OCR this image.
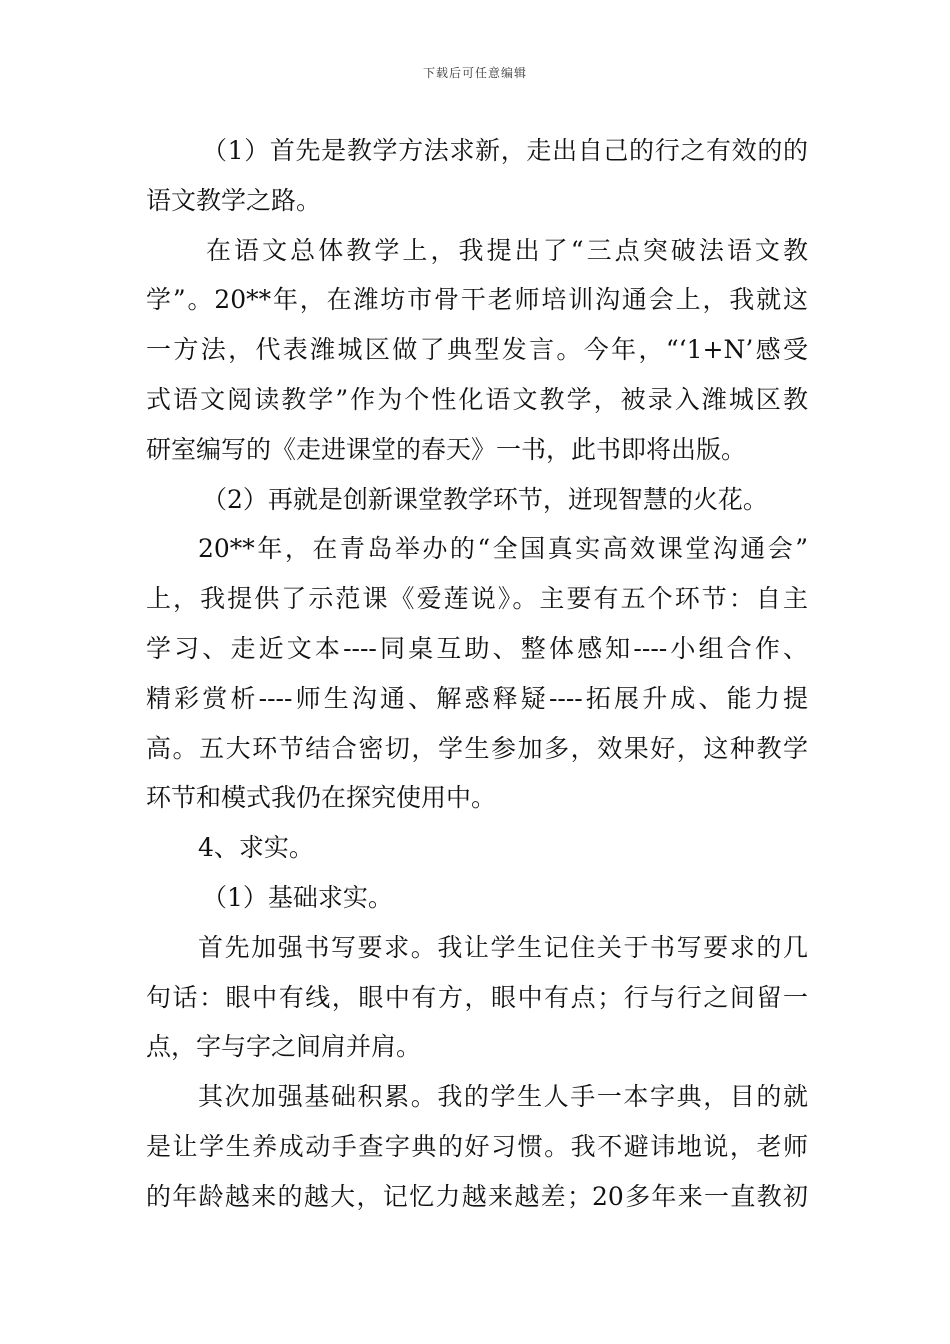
下载后可任意编辑
（1）首先是教学方法求新，走出自己的行之有效的的
语文教学之路。
在语文总体教学上，我提出了“三点突破法语文教
学”。20**年，在潍坊市骨干老师培训沟通会上，我就这
一方法，代表潍城区做了典型发言。今年，“‘1+N’感受
式语文阅读教学”作为个性化语文教学，被录入潍城区教
研室编写的《走进课堂的春天》一书，此书即将出版。
（2）再就是创新课堂教学环节，迸现智慧的火花。
20**年，在青岛举办的“全国真实高效课堂沟通会”
上，我提供了示范课《爱莲说》。主要有五个环节：自主
学习、走近文本----同桌互助、整体感知----小组合作、
精彩赏析----师生沟通、解惑释疑----拓展升成、能力提
高。五大环节结合密切，学生参加多，效果好，这种教学
环节和模式我仍在探究使用中。
4、求实。
（1）基础求实。
首先加强书写要求。我让学生记住关于书写要求的几
句话：眼中有线，眼中有方，眼中有点；行与行之间留一
点，字与字之间肩并肩。
其次加强基础积累。我的学生人手一本字典，目的就
是让学生养成动手查字典的好习惯。我不避讳地说，老师
的年龄越来的越大，记忆力越来越差；20多年来一直教初
